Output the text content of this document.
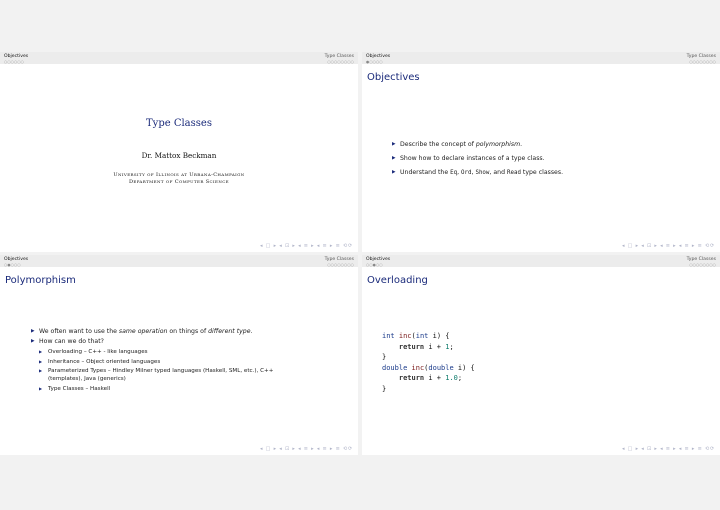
Objectives
○○○○○○
Type Classes
○○○○○○○○
Type Classes
Dr. Mattox Beckman
University of Illinois at Urbana-Champaign
Department of Computer Science
◂ □ ▸ ◂ ⊡ ▸ ◂ ≡ ▸ ◂ ≡ ▸ ≡ ⟲⟳
Objectives
●○○○○
Type Classes
○○○○○○○○
Objectives
▶ Describe the concept of polymorphism.
▶ Show how to declare instances of a type class.
▶ Understand the Eq, Ord, Show, and Read type classes.
◂ □ ▸ ◂ ⊡ ▸ ◂ ≡ ▸ ◂ ≡ ▸ ≡ ⟲⟳
Objectives
○●○○○
Type Classes
○○○○○○○○
Polymorphism
▶ We often want to use the same operation on things of different type.
▶ How can we do that?
▶ Overloading – C++ - like languages
▶ Inheritance – Object oriented languages
▶ Parameterized Types – Hindley Milner typed languages (Haskell, SML, etc.), C++ (templates), Java (generics)
▶ Type Classes – Haskell
◂ □ ▸ ◂ ⊡ ▸ ◂ ≡ ▸ ◂ ≡ ▸ ≡ ⟲⟳
Objectives
○○●○○
Type Classes
○○○○○○○○
Overloading
int inc(int i) {
return i + 1;
}
double inc(double i) {
return i + 1.0;
}
◂ □ ▸ ◂ ⊡ ▸ ◂ ≡ ▸ ◂ ≡ ▸ ≡ ⟲⟳
